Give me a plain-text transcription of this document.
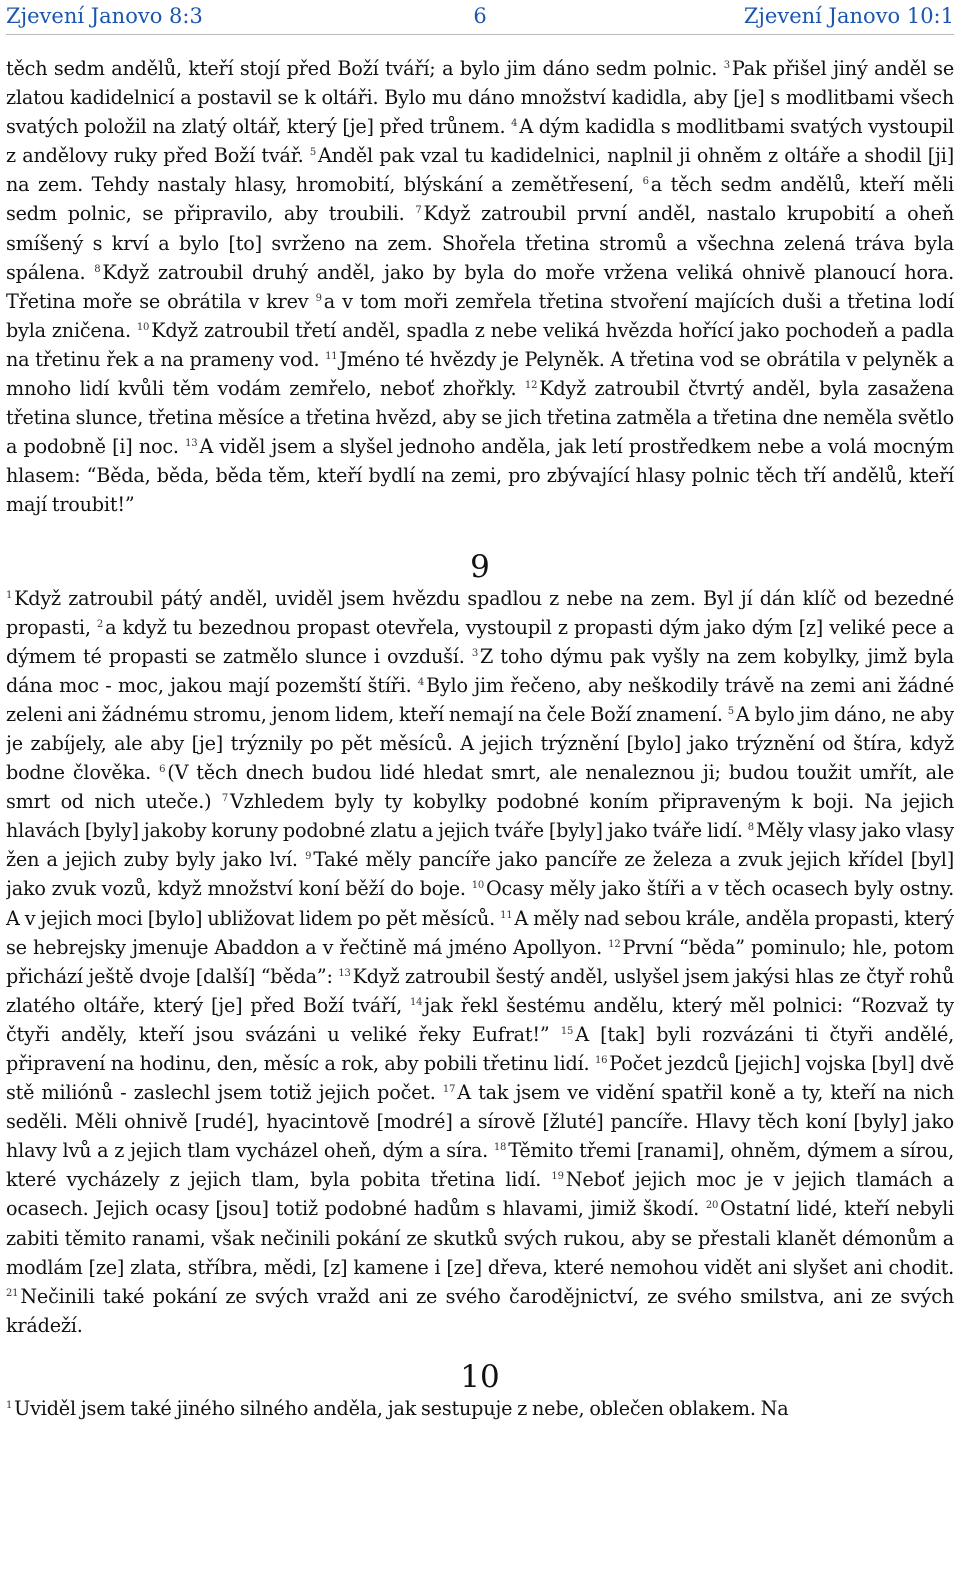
Zjevení Janovo 8:3	6	Zjevení Janovo 10:1
těch sedm andělů, kteří stojí před Boží tváří; a bylo jim dáno sedm polnic. $^3$ Pak přišel jiný anděl se zlatou kadidelnicí a postavil se k oltáři. Bylo mu dáno množství kadidla, aby [je] s modlitbami všech svatých položil na zlatý oltář, který [je] před trůnem. $^4$ A dým kadidla s modlitbami svatých vystoupil z andělovy ruky před Boží tvář. $^5$ Anděl pak vzal tu kadidelnici, naplnil ji ohněm z oltáře a shodil [ji] na zem. Tehdy nastaly hlasy, hromobití, blýskání a zemětřesení, $^6$ a těch sedm andělů, kteří měli sedm polnic, se připravilo, aby troubili. $^7$ Když zatroubil první anděl, nastalo krupobití a oheň smíšený s krví a bylo [to] svrženo na zem. Shořela třetina stromů a všechna zelená tráva byla spálena. $^8$ Když zatroubil druhý anděl, jako by byla do moře vržena veliká ohnivě planoucí hora. Třetina moře se obrátila v krev $^9$ a v tom moři zemřela třetina stvoření majících duši a třetina lodí byla zničena. $^{10}$ Když zatroubil třetí anděl, spadla z nebe veliká hvězda hořící jako pochodeň a padla na třetinu řek a na prameny vod. $^{11}$ Jméno té hvězdy je Pelyněk. A třetina vod se obrátila v pelyněk a mnoho lidí kvůli těm vodám zemřelo, neboť zhořkly. $^{12}$ Když zatroubil čtvrtý anděl, byla zasažena třetina slunce, třetina měsíce a třetina hvězd, aby se jich třetina zatměla a třetina dne neměla světlo a podobně [i] noc. $^{13}$ A viděl jsem a slyšel jednoho anděla, jak letí prostředkem nebe a volá mocným hlasem: “Běda, běda, běda těm, kteří bydlí na zemi, pro zbývající hlasy polnic těch tří andělů, kteří mají troubit!”
9
$^1$ Když zatroubil pátý anděl, uviděl jsem hvězdu spadlou z nebe na zem. Byl jí dán klíč od bezedné propasti, $^2$ a když tu bezednou propast otevřela, vystoupil z propasti dým jako dým [z] veliké pece a dýmem té propasti se zatmělo slunce i ovzduší. $^3$ Z toho dýmu pak vyšly na zem kobylky, jimž byla dána moc - moc, jakou mají pozemští štíři. $^4$ Bylo jim řečeno, aby neškodily trávě na zemi ani žádné zeleni ani žádnému stromu, jenom lidem, kteří nemají na čele Boží znamení. $^5$ A bylo jim dáno, ne aby je zabíjely, ale aby [je] trýznily po pět měsíců. A jejich trýznění [bylo] jako trýznění od štíra, když bodne člověka. $^6$ (V těch dnech budou lidé hledat smrt, ale nenaleznou ji; budou toužit umřít, ale smrt od nich uteče.) $^7$ Vzhledem byly ty kobylky podobné koním připraveným k boji. Na jejich hlavách [byly] jakoby koruny podobné zlatu a jejich tváře [byly] jako tváře lidí. $^8$ Měly vlasy jako vlasy žen a jejich zuby byly jako lví. $^9$ Také měly pancíře jako pancíře ze železa a zvuk jejich křídel [byl] jako zvuk vozů, když množství koní běží do boje. $^{10}$ Ocasy měly jako štíři a v těch ocasech byly ostny. A v jejich moci [bylo] ubližovat lidem po pět měsíců. $^{11}$ A měly nad sebou krále, anděla propasti, který se hebrejsky jmenuje Abaddon a v řečtině má jméno Apollyon. $^{12}$ První “běda” pominulo; hle, potom přichází ještě dvoje [další] “běda”: $^{13}$ Když zatroubil šestý anděl, uslyšel jsem jakýsi hlas ze čtyř rohů zlatého oltáře, který [je] před Boží tváří, $^{14}$ jak řekl šestému andělu, který měl polnici: “Rozvaž ty čtyři anděly, kteří jsou svázáni u veliké řeky Eufrat!” $^{15}$ A [tak] byli rozvázáni ti čtyři andělé, připravení na hodinu, den, měsíc a rok, aby pobili třetinu lidí. $^{16}$ Počet jezdců [jejich] vojska [byl] dvě stě miliónů - zaslechl jsem totiž jejich počet. $^{17}$ A tak jsem ve vidění spatřil koně a ty, kteří na nich seděli. Měli ohnivě [rudé], hyacintově [modré] a sírově [žluté] pancíře. Hlavy těch koní [byly] jako hlavy lvů a z jejich tlam vycházel oheň, dým a síra. $^{18}$ Těmito třemi [ranami], ohněm, dýmem a sírou, které vycházely z jejich tlam, byla pobita třetina lidí. $^{19}$ Neboť jejich moc je v jejich tlamách a ocasech. Jejich ocasy [jsou] totiž podobné hadům s hlavami, jimiž škodí. $^{20}$ Ostatní lidé, kteří nebyli zabiti těmito ranami, však nečinili pokání ze skutků svých rukou, aby se přestali klanět démonům a modlám [ze] zlata, stříbra, mědi, [z] kamene i [ze] dřeva, které nemohou vidět ani slyšet ani chodit. $^{21}$ Nečinili také pokání ze svých vražd ani ze svého čarodějnictví, ze svého smilstva, ani ze svých krádeží.
10
$^1$ Uviděl jsem také jiného silného anděla, jak sestupuje z nebe, oblečen oblakem. Na
